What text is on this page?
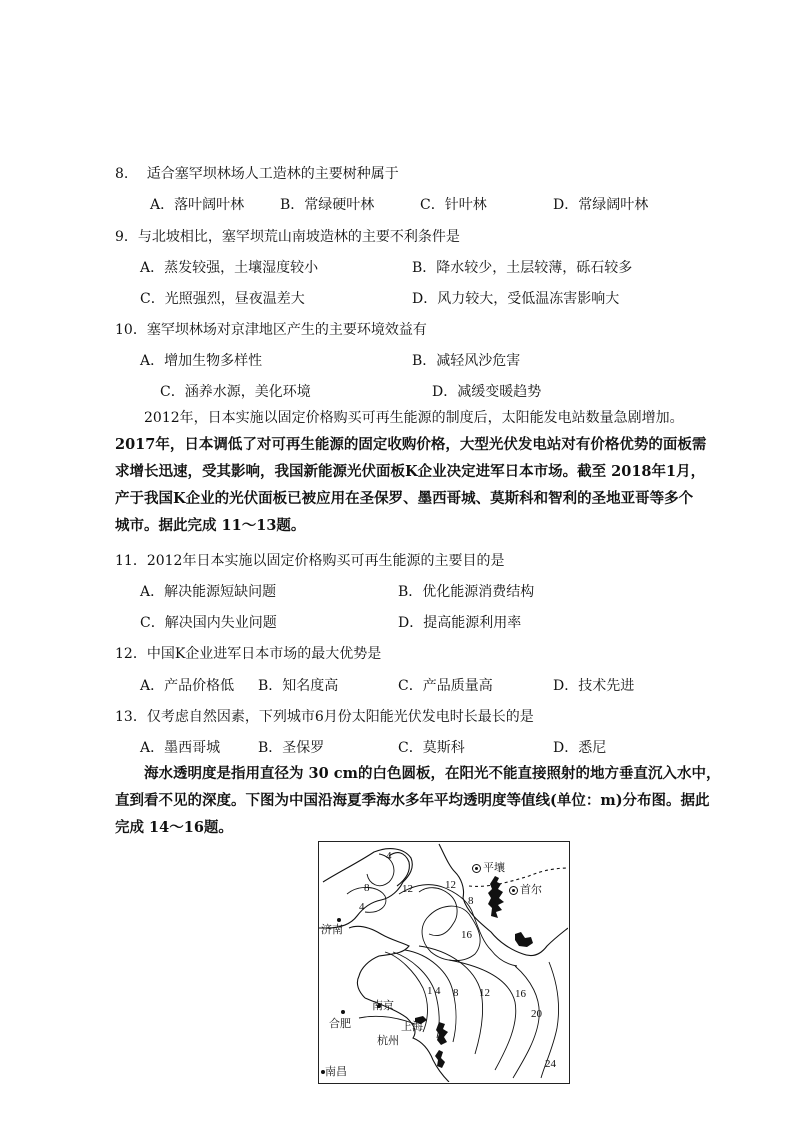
8.　 适合塞罕坝林场人工造林的主要树种属于
A．落叶阔叶林	B．常绿硬叶林	C．针叶林	D．常绿阔叶林
9．与北坡相比，塞罕坝荒山南坡造林的主要不利条件是
A．蒸发较强，土壤湿度较小	B．降水较少，土层较薄，砾石较多
C．光照强烈，昼夜温差大	D．风力较大，受低温冻害影响大
10．塞罕坝林场对京津地区产生的主要环境效益有
A．增加生物多样性	B．减轻风沙危害
C．涵养水源，美化环境	D．减缓变暖趋势
2012年，日本实施以固定价格购买可再生能源的制度后，太阳能发电站数量急剧增加。
2017年，日本调低了对可再生能源的固定收购价格，大型光伏发电站对有价格优势的面板需
求增长迅速，受其影响，我国新能源光伏面板K企业决定进军日本市场。截至 2018年1月，
产于我国K企业的光伏面板已被应用在圣保罗、墨西哥城、莫斯科和智利的圣地亚哥等多个
城市。据此完成 11～13题。
11．2012年日本实施以固定价格购买可再生能源的主要目的是
A．解决能源短缺问题	B．优化能源消费结构
C．解决国内失业问题	D．提高能源利用率
12．中国K企业进军日本市场的最大优势是
A．产品价格低 B．知名度高	C．产品质量高	D．技术先进
13．仅考虑自然因素，下列城市6月份太阳能光伏发电时长最长的是
A．墨西哥城	B．圣保罗	C．莫斯科	D．悉尼
海水透明度是指用直径为 30 cm的白色圆板，在阳光不能直接照射的地方垂直沉入水中，
直到看不见的深度。下图为中国沿海夏季海水多年平均透明度等值线(单位：m)分布图。据此
完成 14～16题。
平壤
首尔
济南
南京
合肥	上海
杭州
南昌
4
8
4
12	12
8 4
16
1 4 8 12 16
20
24
